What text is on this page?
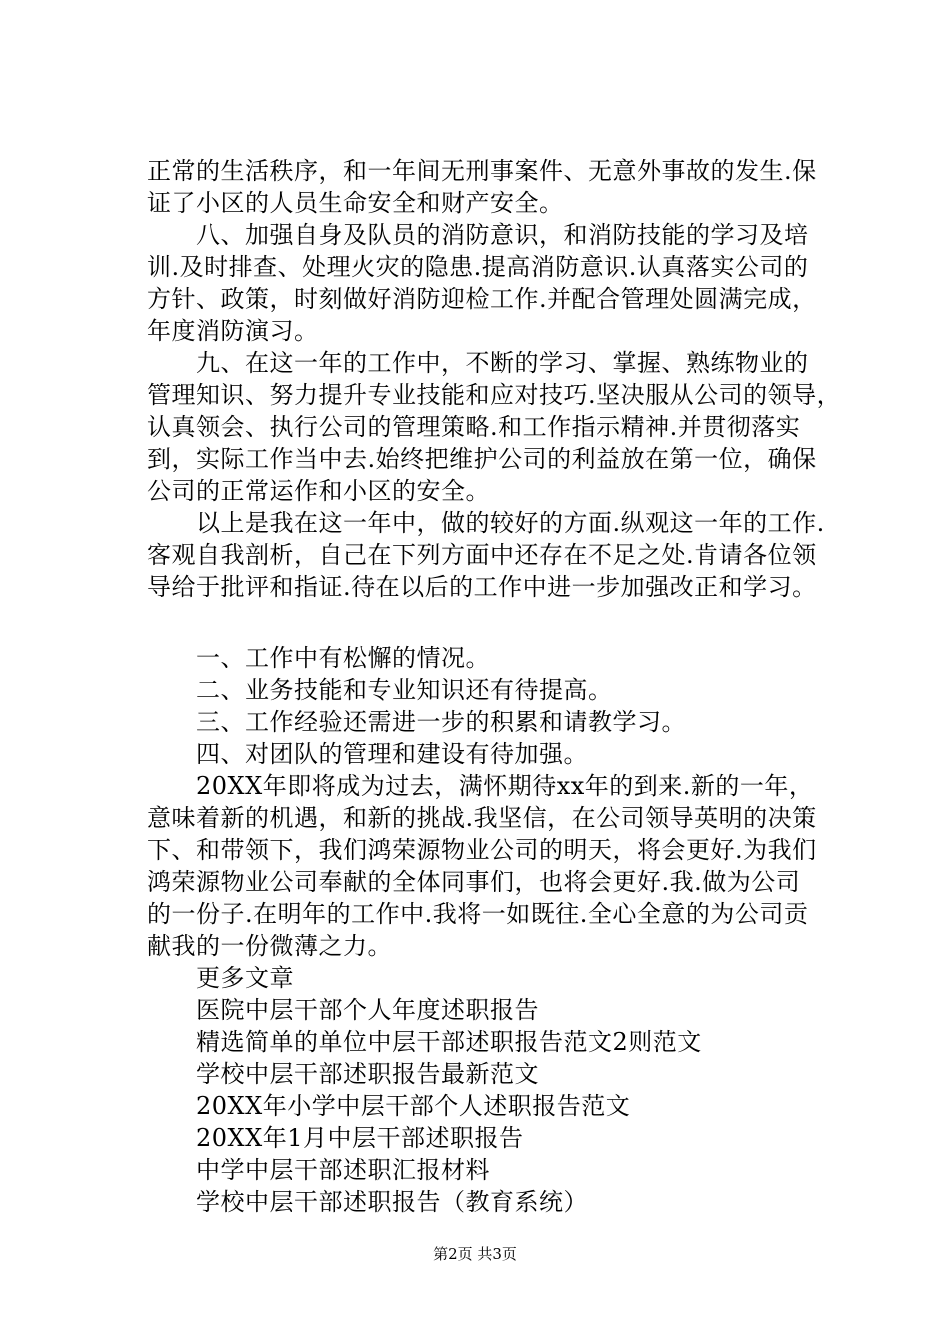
正常的生活秩序，和一年间无刑事案件、无意外事故的发生.保
证了小区的人员生命安全和财产安全。
　　八、加强自身及队员的消防意识，和消防技能的学习及培
训.及时排查、处理火灾的隐患.提高消防意识.认真落实公司的
方针、政策，时刻做好消防迎检工作.并配合管理处圆满完成，
年度消防演习。
　　九、在这一年的工作中，不断的学习、掌握、熟练物业的
管理知识、努力提升专业技能和应对技巧.坚决服从公司的领导，
认真领会、执行公司的管理策略.和工作指示精神.并贯彻落实
到，实际工作当中去.始终把维护公司的利益放在第一位，确保
公司的正常运作和小区的安全。
　　以上是我在这一年中，做的较好的方面.纵观这一年的工作.
客观自我剖析，自己在下列方面中还存在不足之处.肯请各位领
导给于批评和指证.待在以后的工作中进一步加强改正和学习。
　　一、工作中有松懈的情况。
　　二、业务技能和专业知识还有待提高。
　　三、工作经验还需进一步的积累和请教学习。
　　四、对团队的管理和建设有待加强。
　　20XX年即将成为过去，满怀期待xx年的到来.新的一年，
意味着新的机遇，和新的挑战.我坚信，在公司领导英明的决策
下、和带领下，我们鸿荣源物业公司的明天，将会更好.为我们
鸿荣源物业公司奉献的全体同事们，也将会更好.我.做为公司
的一份子.在明年的工作中.我将一如既往.全心全意的为公司贡
献我的一份微薄之力。
　　更多文章
　　医院中层干部个人年度述职报告
　　精选简单的单位中层干部述职报告范文2则范文
　　学校中层干部述职报告最新范文
　　20XX年小学中层干部个人述职报告范文
　　20XX年1月中层干部述职报告
　　中学中层干部述职汇报材料
　　学校中层干部述职报告（教育系统）
第2页 共3页
